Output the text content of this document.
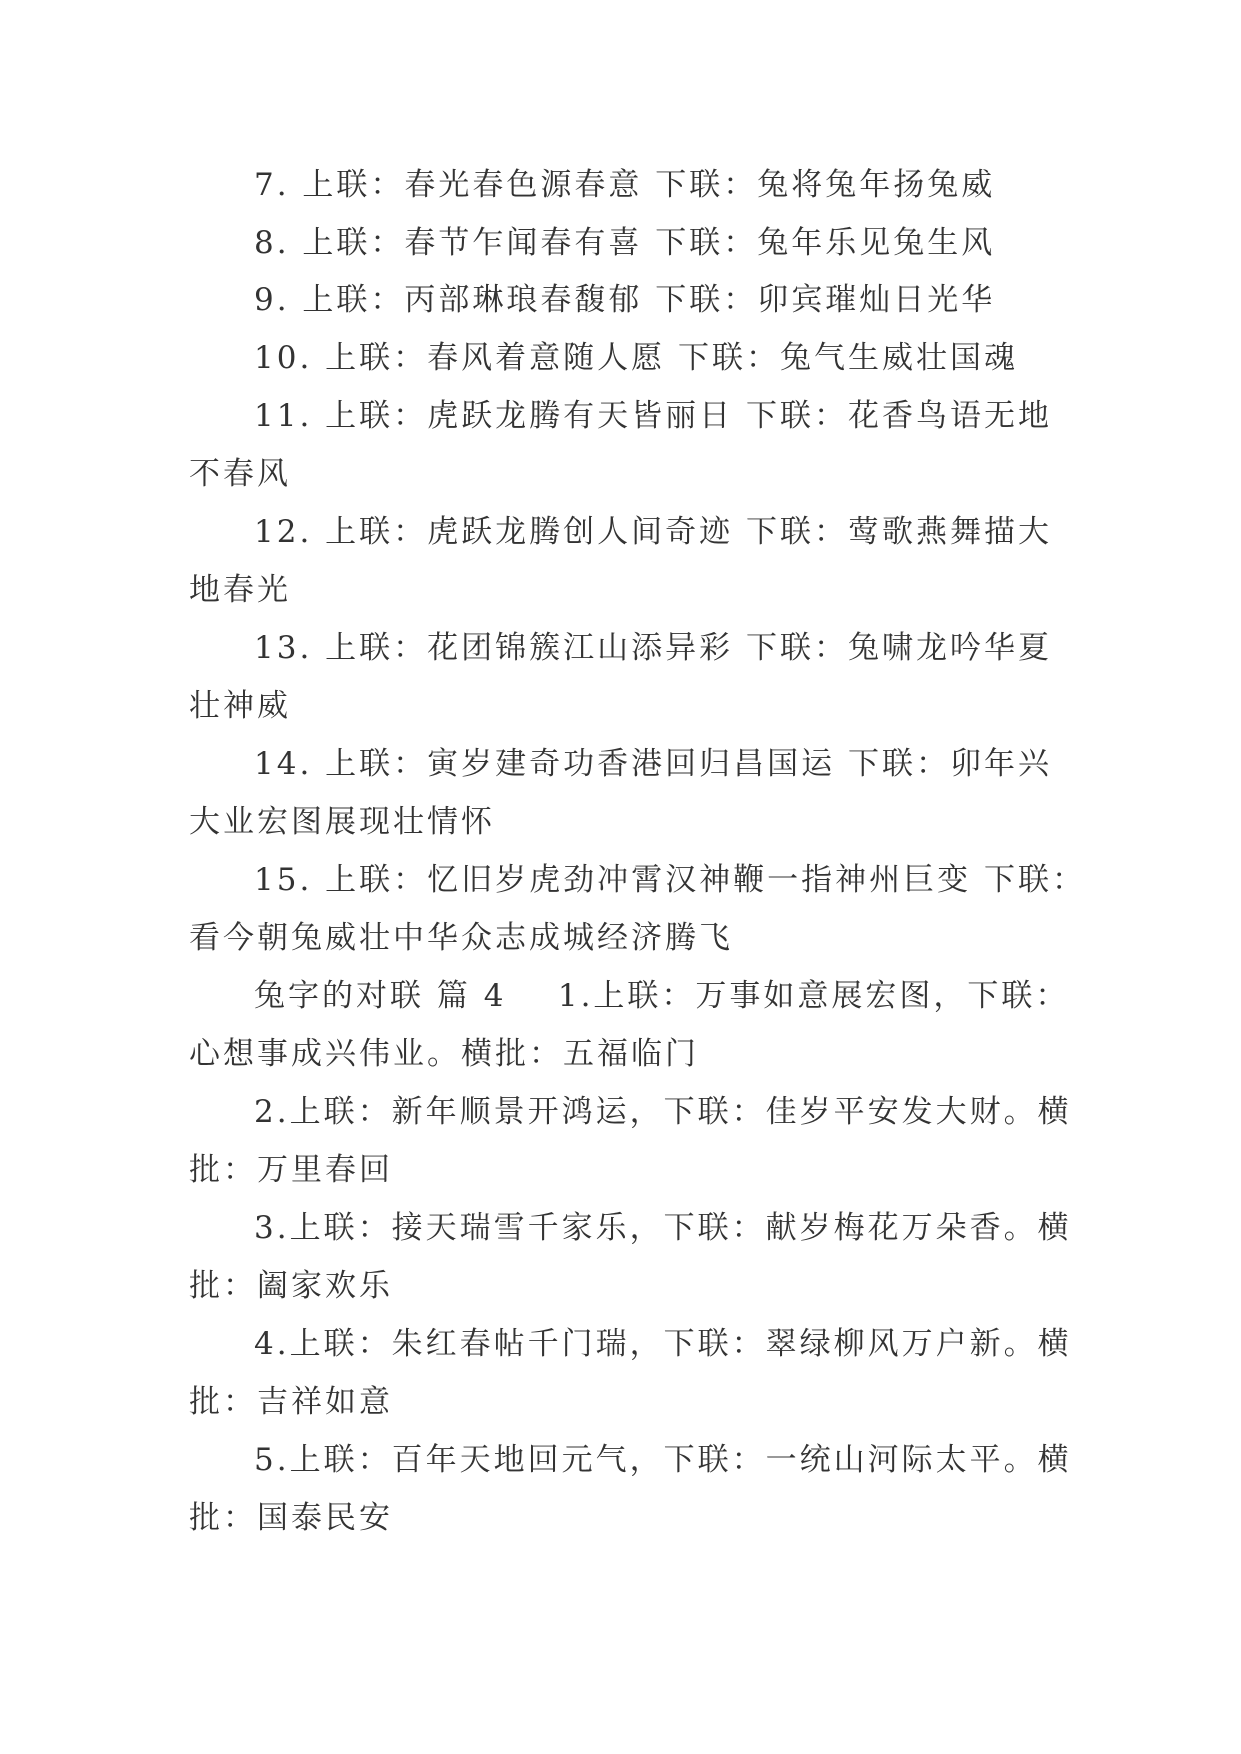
7. 上联：春光春色源春意 下联：兔将兔年扬兔威
8. 上联：春节乍闻春有喜 下联：兔年乐见兔生风
9. 上联：丙部琳琅春馥郁 下联：卯宾璀灿日光华
10. 上联：春风着意随人愿 下联：兔气生威壮国魂
11. 上联：虎跃龙腾有天皆丽日 下联：花香鸟语无地
不春风
12. 上联：虎跃龙腾创人间奇迹 下联：莺歌燕舞描大
地春光
13. 上联：花团锦簇江山添异彩 下联：兔啸龙吟华夏
壮神威
14. 上联：寅岁建奇功香港回归昌国运 下联：卯年兴
大业宏图展现壮情怀
15. 上联：忆旧岁虎劲冲霄汉神鞭一指神州巨变 下联：
看今朝兔威壮中华众志成城经济腾飞
兔字的对联 篇 4    1.上联：万事如意展宏图，下联：
心想事成兴伟业。横批：五福临门
2.上联：新年顺景开鸿运，下联：佳岁平安发大财。横
批：万里春回
3.上联：接天瑞雪千家乐，下联：献岁梅花万朵香。横
批：阖家欢乐
4.上联：朱红春帖千门瑞，下联：翠绿柳风万户新。横
批：吉祥如意
5.上联：百年天地回元气，下联：一统山河际太平。横
批：国泰民安
